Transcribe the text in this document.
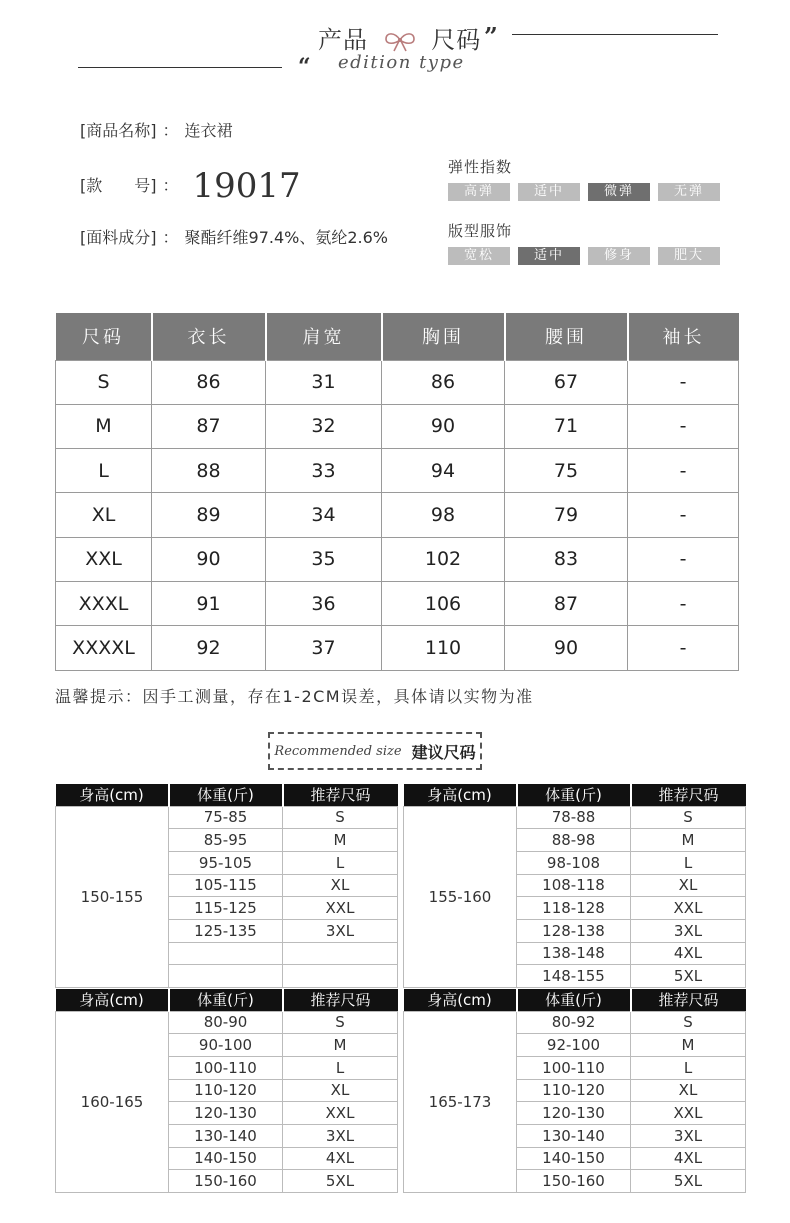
产品	尺码 ”
“ edition type
[商品名称] ： 连衣裙
[款　　号] ： 19017
[面料成分] ： 聚酯纤维97.4%、氨纶2.6%
弹性指数
高弹	适中	微弹	无弹
版型服饰
宽松	适中	修身	肥大
尺码	衣长	肩宽	胸围	腰围	袖长
S	86	31	86	67	-
M	87	32	90	71	-
L	88	33	94	75	-
XL	89	34	98	79	-
XXL	90	35	102	83	-
XXXL	91	36	106	87	-
XXXXL	92	37	110	90	-
温馨提示：因手工测量，存在1-2CM误差，具体请以实物为准
Recommended size 建议尺码
身高(cm)	体重(斤)	推荐尺码
150-155	75-85	S
	85-95	M
	95-105	L
	105-115	XL
	115-125	XXL
	125-135	3XL

身高(cm)	体重(斤)	推荐尺码
155-160	78-88	S
	88-98	M
	98-108	L
	108-118	XL
	118-128	XXL
	128-138	3XL
	138-148	4XL
	148-155	5XL
身高(cm)	体重(斤)	推荐尺码
160-165	80-90	S
	90-100	M
	100-110	L
	110-120	XL
	120-130	XXL
	130-140	3XL
	140-150	4XL
	150-160	5XL
身高(cm)	体重(斤)	推荐尺码
165-173	80-92	S
	92-100	M
	100-110	L
	110-120	XL
	120-130	XXL
	130-140	3XL
	140-150	4XL
	150-160	5XL
